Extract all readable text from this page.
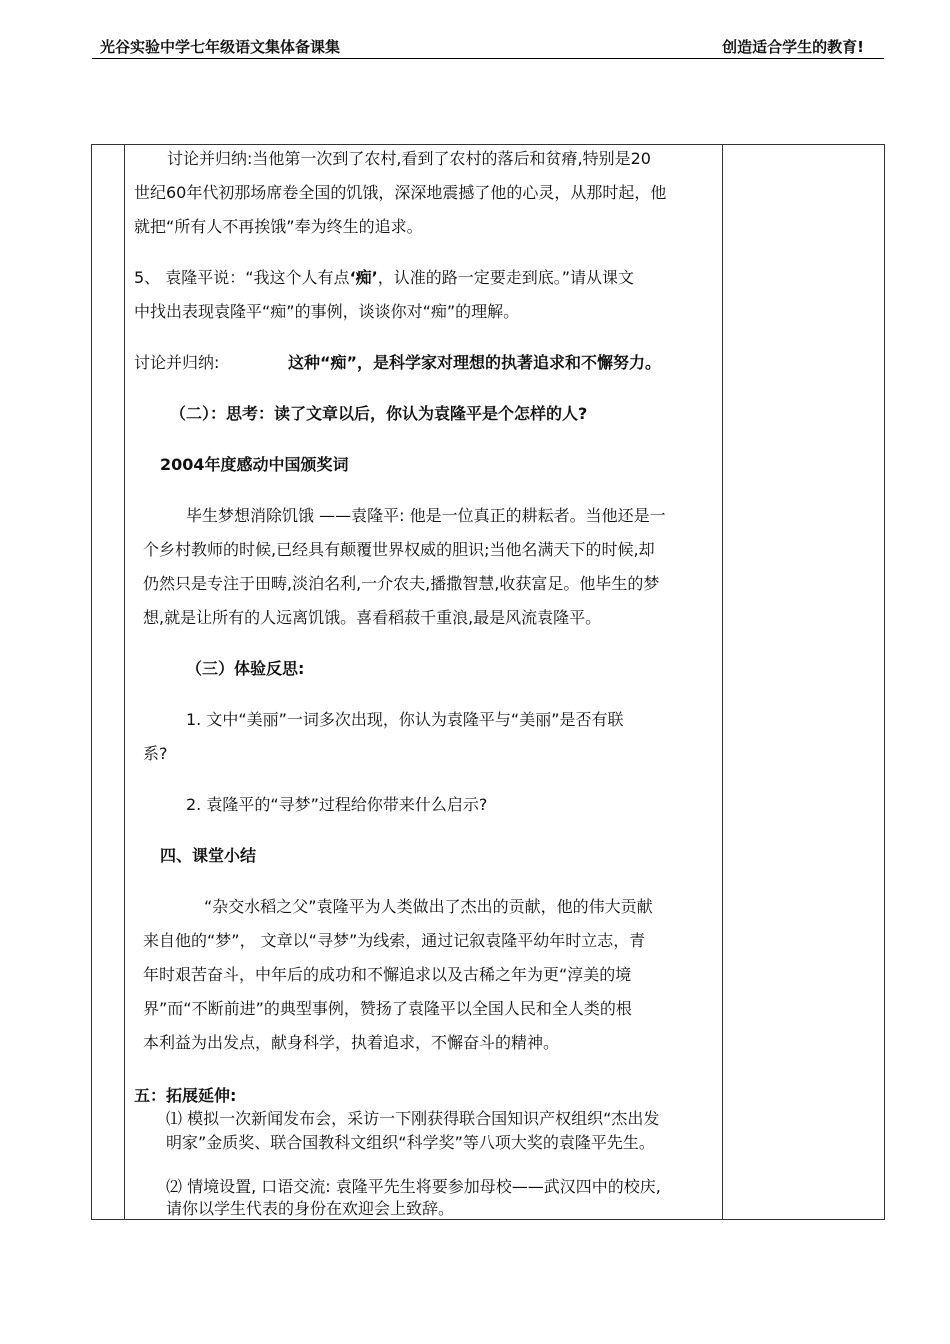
光谷实验中学七年级语文集体备课集	创造适合学生的教育!
讨论并归纳:当他第一次到了农村,看到了农村的落后和贫瘠,特别是20
世纪60年代初那场席卷全国的饥饿，深深地震撼了他的心灵，从那时起，他
就把“所有人不再挨饿”奉为终生的追求。
5、 袁隆平说：“我这个人有点‘痴’，认准的路一定要走到底。”请从课文
中找出表现袁隆平“痴”的事例，谈谈你对“痴”的理解。
讨论并归纳:	这种“痴”，是科学家对理想的执著追求和不懈努力。
（二）：思考：读了文章以后，你认为袁隆平是个怎样的人?
2004年度感动中国颁奖词
毕生梦想消除饥饿 ——袁隆平: 他是一位真正的耕耘者。当他还是一
个乡村教师的时候,已经具有颠覆世界权威的胆识;当他名满天下的时候,却
仍然只是专注于田畴,淡泊名利,一介农夫,播撒智慧,收获富足。他毕生的梦
想,就是让所有的人远离饥饿。喜看稻菽千重浪,最是风流袁隆平。
（三）体验反思:
1. 文中“美丽”一词多次出现，你认为袁隆平与“美丽”是否有联
系?
2. 袁隆平的“寻梦”过程给你带来什么启示?
四、课堂小结
“杂交水稻之父”袁隆平为人类做出了杰出的贡献，他的伟大贡献
来自他的“梦”， 文章以“寻梦”为线索，通过记叙袁隆平幼年时立志，青
年时艰苦奋斗，中年后的成功和不懈追求以及古稀之年为更“淳美的境
界”而“不断前进”的典型事例，赞扬了袁隆平以全国人民和全人类的根
本利益为出发点，献身科学，执着追求，不懈奋斗的精神。
五：拓展延伸:
⑴ 模拟一次新闻发布会，采访一下刚获得联合国知识产权组织“杰出发
明家”金质奖、联合国教科文组织“科学奖”等八项大奖的袁隆平先生。
⑵ 情境设置, 口语交流: 袁隆平先生将要参加母校——武汉四中的校庆,
请你以学生代表的身份在欢迎会上致辞。
